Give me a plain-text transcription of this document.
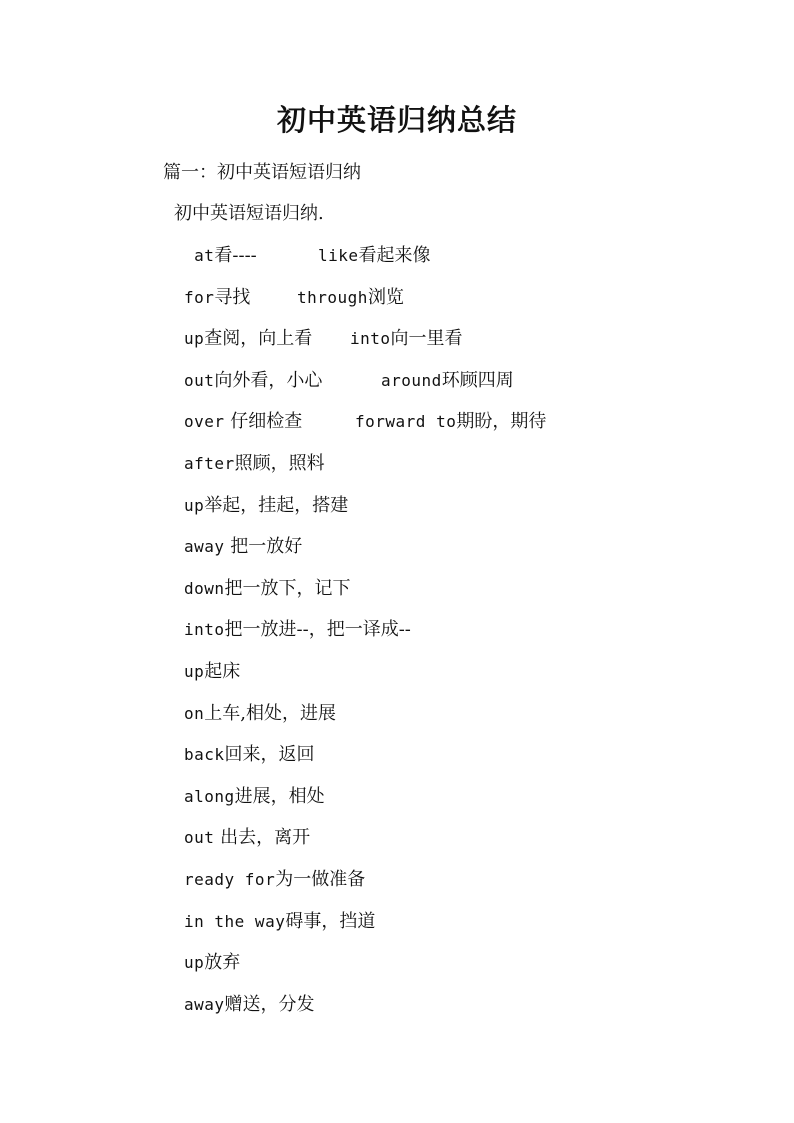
初中英语归纳总结
篇一：初中英语短语归纳
初中英语短语归纳.
at看----	like看起来像
for寻找	through浏览
up查阅，向上看 into向一里看
out向外看，小心	around环顾四周
over 仔细检查	forward to期盼，期待
after照顾，照料
up举起，挂起，搭建
away 把一放好
down把一放下，记下
into把一放进--，把一译成--
up起床
on上车,相处，进展
back回来，返回
along进展，相处
out 出去，离开
ready for为一做准备
in the way碍事，挡道
up放弃
away赠送，分发
